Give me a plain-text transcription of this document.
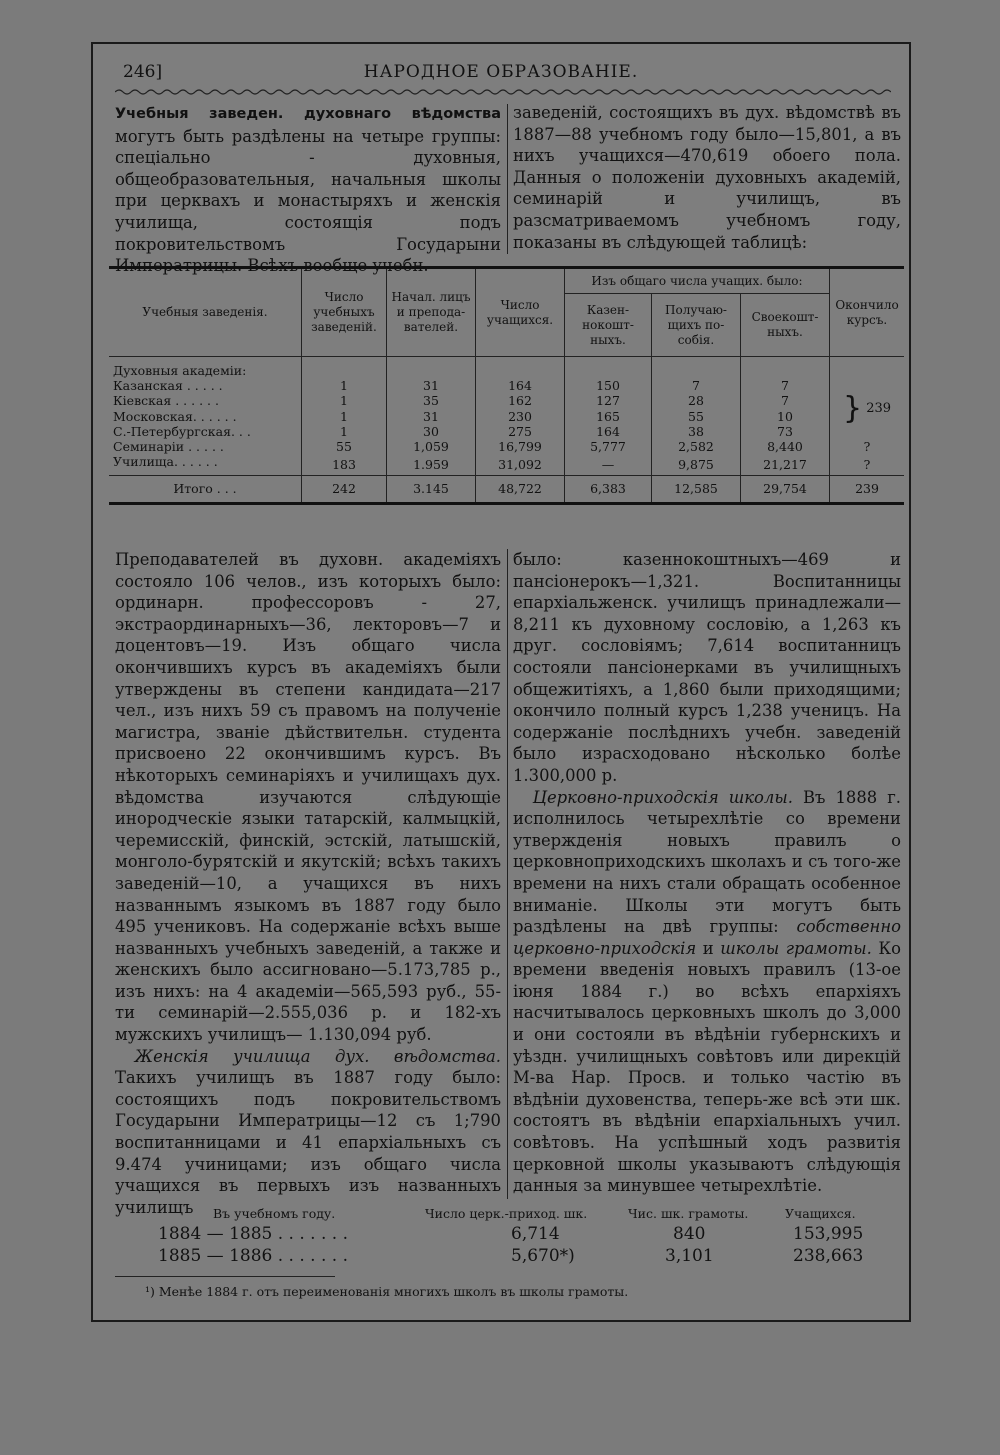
246]	НАРОДНОЕ ОБРАЗОВАНІЕ.

Учебныя заведен. духовнаго вѣдомства могутъ быть раздѣлены на четыре группы: спеціально - духовныя, общеобразовательныя, начальныя школы при церквахъ и монастыряхъ и женскія училища, состоящія подъ покровительствомъ Государыни Императрицы. Всѣхъ вообще учебн.

заведеній, состоящихъ въ дух. вѣдомствѣ въ 1887—88 учебномъ году было—15,801, а въ нихъ учащихся—470,619 обоего пола. Данныя о положеніи духовныхъ академій, семинарій и училищъ, въ разсматриваемомъ учебномъ году, показаны въ слѣдующей таблицѣ:

Учебныя заведенія.	Число учебныхъ заведеній.	Начал. лицъ и препода-вателей.	Число учащихся.	Изъ общаго числа учащих. было:			Окончило курсъ.
				Казен-нокошт-ныхъ.	Получаю-щихъ по-собія.	Своекошт-ныхъ.	
Духовныя академіи:							
Казанская . . . . .	1	31	164	150	7	7	} 239
Кіевская . . . . . .	1	35	162	127	28	7	
Московская. . . . . .	1	31	230	165	55	10	
С.-Петербургская. . .	1	30	275	164	38	73	
Семинаріи . . . . .	55	1,059	16,799	5,777	2,582	8,440	?
Училища. . . . . .	183	1.959	31,092	—	9,875	21,217	?
Итого . . .	242	3.145	48,722	6,383	12,585	29,754	239

Преподавателей въ духовн. академіяхъ состояло 106 челов., изъ которыхъ было: ординарн. профессоровъ - 27, экстраординарныхъ—36, лекторовъ—7 и доцентовъ—19. Изъ общаго числа окончившихъ курсъ въ академіяхъ были утверждены въ степени кандидата—217 чел., изъ нихъ 59 съ правомъ на полученіе магистра, званіе дѣйствительн. студента присвоено 22 окончившимъ курсъ. Въ нѣкоторыхъ семинаріяхъ и училищахъ дух. вѣдомства изучаются слѣдующіе инородческіе языки татарскій, калмыцкій, черемисскій, финскій, эстскій, латышскій, монголо-бурятскій и якутскій; всѣхъ такихъ заведеній—10, а учащихся въ нихъ названнымъ языкомъ въ 1887 году было 495 учениковъ. На содержаніе всѣхъ выше названныхъ учебныхъ заведеній, а также и женскихъ было ассигновано—5.173,785 р., изъ нихъ: на 4 академіи—565,593 руб., 55-ти семинарій—2.555,036 р. и 182-хъ мужскихъ училищъ— 1.130,094 руб.

Женскія училища дух. вѣдомства. Такихъ училищъ въ 1887 году было: состоящихъ подъ покровительствомъ Государыни Императрицы—12 съ 1;790 воспитанницами и 41 епархіальныхъ съ 9.474 учиницами; изъ общаго числа учащихся въ первыхъ изъ названныхъ училищъ

было: казеннокоштныхъ—469 и пансіонерокъ—1,321. Воспитанницы епархіальженск. училищъ принадлежали—8,211 къ духовному сословію, а 1,263 къ друг. сословіямъ; 7,614 воспитанницъ состояли пансіонерками въ училищныхъ общежитіяхъ, а 1,860 были приходящими; окончило полный курсъ 1,238 ученицъ. На содержаніе послѣднихъ учебн. заведеній было израсходовано нѣсколько болѣе 1.300,000 р.

Церковно-приходскія школы. Въ 1888 г. исполнилось четырехлѣтіе со времени утвержденія новыхъ правилъ о церковноприходскихъ школахъ и съ того-же времени на нихъ стали обращать особенное вниманіе. Школы эти могутъ быть раздѣлены на двѣ группы: собственно церковно-приходскія и школы грамоты. Ко времени введенія новыхъ правилъ (13-ое іюня 1884 г.) во всѣхъ епархіяхъ насчитывалось церковныхъ школъ до 3,000 и они состояли въ вѣдѣніи губернскихъ и уѣздн. училищныхъ совѣтовъ или дирекцій М-ва Нар. Просв. и только частію въ вѣдѣніи духовенства, теперь-же всѣ эти шк. состоятъ въ вѣдѣніи епархіальныхъ учил. совѣтовъ. На успѣшный ходъ развитія церковной школы указываютъ слѣдующія данныя за минувшее четырехлѣтіе.

Въ учебномъ году.	Число церк.-приход. шк.	Чис. шк. грамоты.	Учащихся.
1884 — 1885 . . . . . . .	6,714	840	153,995
1885 — 1886 . . . . . . .	5,670*)	3,101	238,663
¹) Менѣе 1884 г. отъ переименованія многихъ школъ въ школы грамоты.
